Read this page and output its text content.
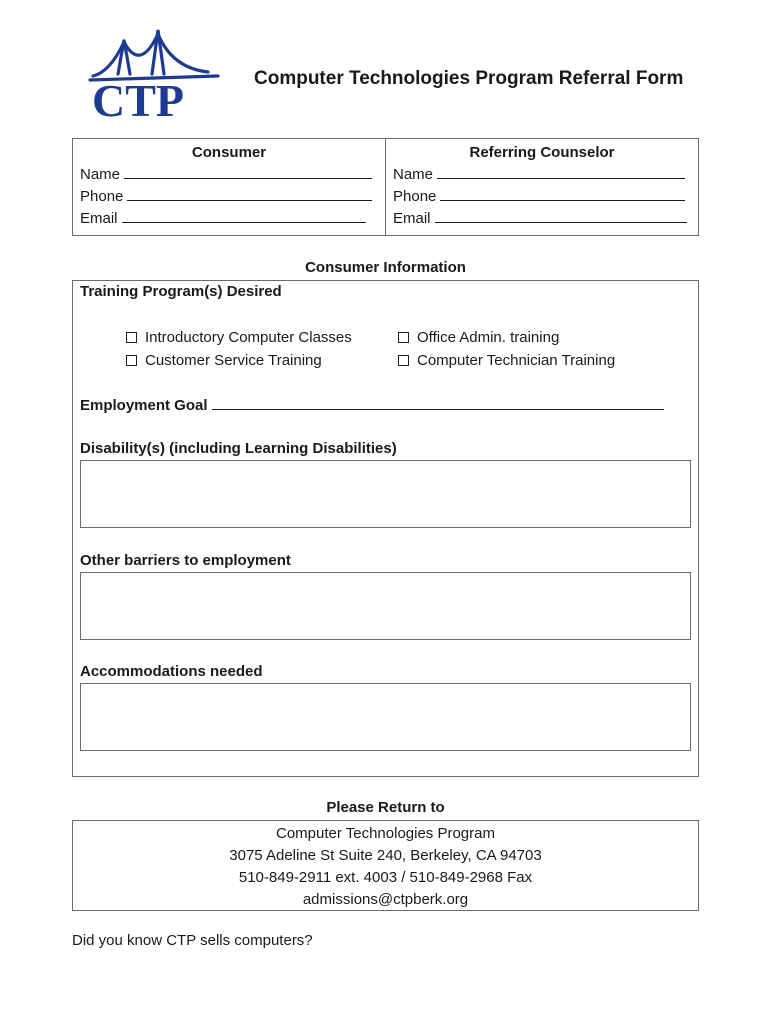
CTP	Computer Technologies Program Referral Form
Consumer
Name
Phone
Email
Referring Counselor
Name
Phone
Email
Consumer Information
Training Program(s) Desired
Introductory Computer Classes
Customer Service Training
Office Admin. training
Computer Technician Training
Employment Goal
Disability(s) (including Learning Disabilities)
Other barriers to employment
Accommodations needed
Please Return to
Computer Technologies Program
3075 Adeline St Suite 240, Berkeley, CA 94703
510-849-2911 ext. 4003 / 510-849-2968 Fax
admissions@ctpberk.org
Did you know CTP sells computers?
